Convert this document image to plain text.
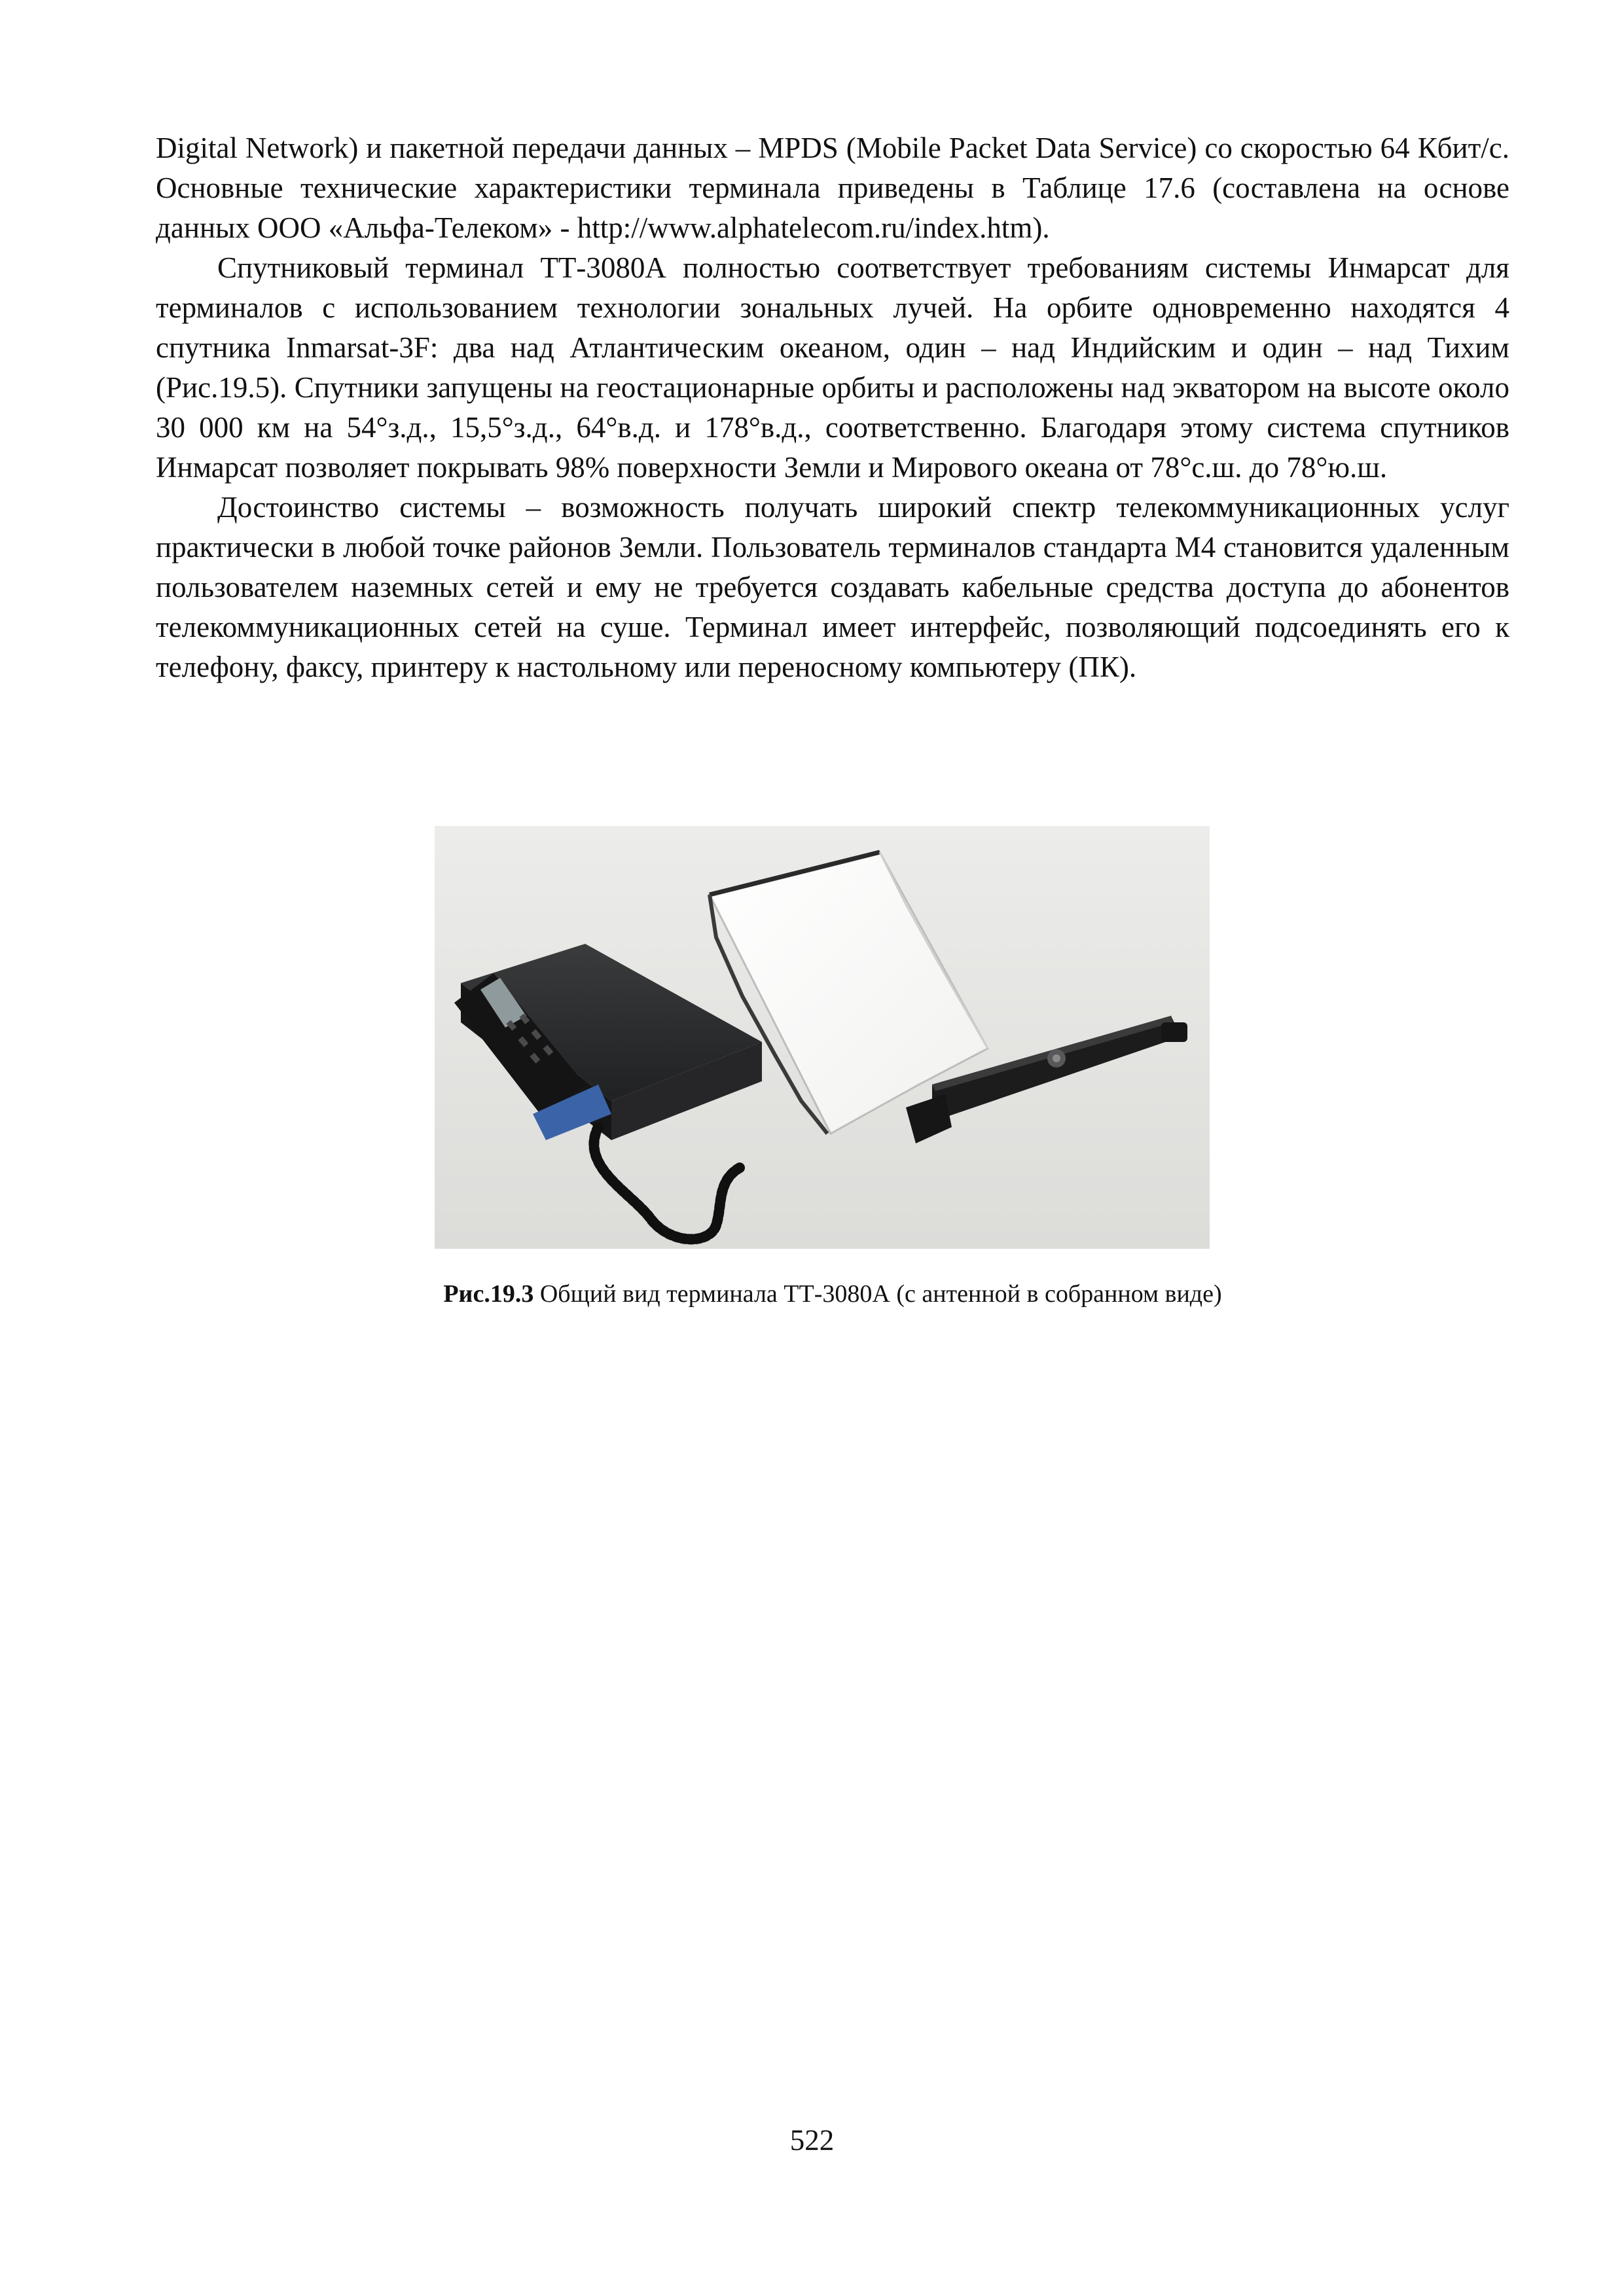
Digital Network) и пакетной передачи данных – MPDS (Mobile Packet Data Service) со скоростью 64 Кбит/с. Основные технические характеристики терминала приведены в Таблице 17.6 (составлена на основе данных ООО «Альфа-Телеком» - http://www.alphatelecom.ru/index.htm).

Спутниковый терминал ТТ-3080А полностью соответствует требованиям системы Инмарсат для терминалов с использованием технологии зональных лучей. На орбите одновременно находятся 4 спутника Inmarsat-3F: два над Атлантическим океаном, один – над Индийским и один – над Тихим (Рис.19.5). Спутники запущены на геостационарные орбиты и расположены над экватором на высоте около 30 000 км на 54°з.д., 15,5°з.д., 64°в.д. и 178°в.д., соответственно. Благодаря этому система спутников Инмарсат позволяет покрывать 98% поверхности Земли и Мирового океана от 78°с.ш. до 78°ю.ш.

Достоинство системы – возможность получать широкий спектр телекоммуникационных услуг практически в любой точке районов Земли. Пользователь терминалов стандарта М4 становится удаленным пользователем наземных сетей и ему не требуется создавать кабельные средства доступа до абонентов телекоммуникационных сетей на суше. Терминал имеет интерфейс, позволяющий подсоединять его к телефону, факсу, принтеру к настольному или переносному компьютеру (ПК).

Рис.19.3 Общий вид терминала ТТ-3080А (с антенной в собранном виде)
522
